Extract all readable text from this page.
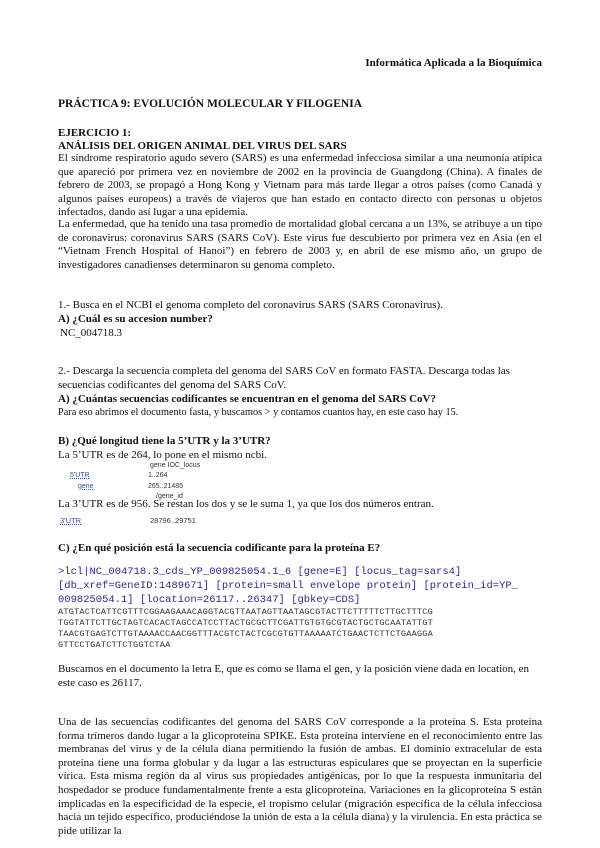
Informática Aplicada a la Bioquímica
PRÁCTICA 9: EVOLUCIÓN MOLECULAR Y FILOGENIA
EJERCICIO 1:
ANÁLISIS DEL ORIGEN ANIMAL DEL VIRUS DEL SARS

El síndrome respiratorio agudo severo (SARS) es una enfermedad infecciosa similar a una neumonía atípica que apareció por primera vez en noviembre de 2002 en la provincia de Guangdong (China). A finales de febrero de 2003, se propagó a Hong Kong y Vietnam para más tarde llegar a otros países (como Canadá y algunos países europeos) a través de viajeros que han estado en contacto directo con personas u objetos infectados, dando así lugar a una epidemia.

La enfermedad, que ha tenido una tasa promedio de mortalidad global cercana a un 13%, se atribuye a un tipo de coronavirus: coronavirus SARS (SARS CoV). Este virus fue descubierto por primera vez en Asia (en el “Vietnam French Hospital of Hanoi”) en febrero de 2003 y, en abril de ese mismo año, un grupo de investigadores canadienses determinaron su genoma completo.

1.- Busca en el NCBI el genoma completo del coronavirus SARS (SARS Coronavirus).
A) ¿Cuál es su accesion number?
NC_004718.3
2.- Descarga la secuencia completa del genoma del SARS CoV en formato FASTA. Descarga todas las secuencias codificantes del genoma del SARS CoV.
A) ¿Cuántas secuencias codificantes se encuentran en el genoma del SARS CoV?
Para eso abrimos el documento fasta, y buscamos > y contamos cuantos hay, en este caso hay 15.
B) ¿Qué longitud tiene la 5’UTR y la 3’UTR?
La 5’UTR es de 264, lo pone en el mismo ncbi.
gene IOC_locus
5'UTR	1..264
gene	265..21485
/gene_id
La 3’UTR es de 956. Se restan los dos y se le suma 1, ya que los dos números entran.
3'UTR	28796..29751
C) ¿En qué posición está la secuencia codificante para la proteína E?
>lcl|NC_004718.3_cds_YP_009825054.1_6 [gene=E] [locus_tag=sars4]
[db_xref=GeneID:1489671] [protein=small envelope protein] [protein_id=YP_
009825054.1] [location=26117..26347] [gbkey=CDS]
ATGTACTCATTCGTTTCGGAAGAAACAGGTACGTTAATAGTTAATAGCGTACTTCTTTTTCTTGCTTTCG
TGGTATTCTTGCTAGTCACACTAGCCATCCTTACTGCGCTTCGATTGTGTGCGTACTGCTGCAATATTGT
TAACGTGAGTCTTGTAAAACCAACGGTTTACGTCTACTCGCGTGTTAAAAATCTGAACTCTTCTGAAGGA
GTTCCTGATCTTCTGGTCTAA
Buscamos en el documento la letra E, que es como se llama el gen, y la posición viene dada en location, en este caso es 26117.

Una de las secuencias codificantes del genoma del SARS CoV corresponde a la proteína S. Esta proteína forma trímeros dando lugar a la glicoproteína SPIKE. Esta proteína interviene en el reconocimiento entre las membranas del virus y de la célula diana permitiendo la fusión de ambas. El dominio extracelular de esta proteína tiene una forma globular y da lugar a las estructuras espiculares que se proyectan en la superficie vírica. Esta misma región da al virus sus propiedades antigénicas, por lo que la respuesta inmunitaria del hospedador se produce fundamentalmente frente a esta glicoproteína. Variaciones en la glicoproteína S están implicadas en la especificidad de la especie, el tropismo celular (migración específica de la célula infecciosa hacia un tejido específico, produciéndose la unión de esta a la célula diana) y la virulencia. En esta práctica se pide utilizar la
